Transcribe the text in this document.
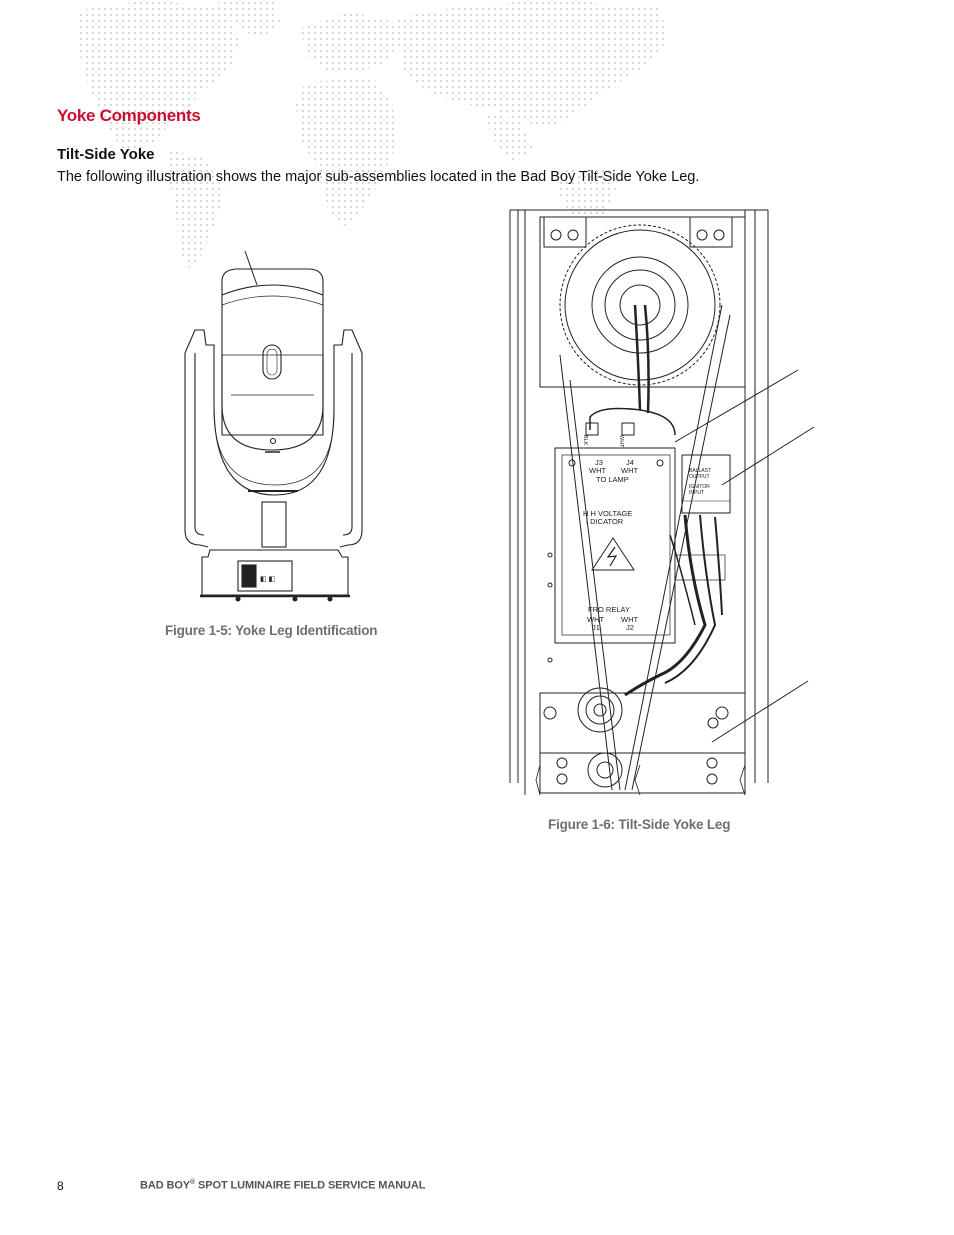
Yoke Components
Tilt-Side Yoke

The following illustration shows the major sub-assemblies located in the Bad Boy Tilt-Side Yoke Leg.

◧ ◧
Figure 1-5: Yoke Leg Identification
J3	J4
WHT WHT
TO LAMP
H H VOLTAGE
I DICATOR
FRO RELAY
WHT WHT
J1	J2
BLK	WHT
BALLAST
OUTPUT
IGNITOR
INPUT
Figure 1-6: Tilt-Side Yoke Leg
8	BAD BOY® SPOT LUMINAIRE FIELD SERVICE MANUAL
